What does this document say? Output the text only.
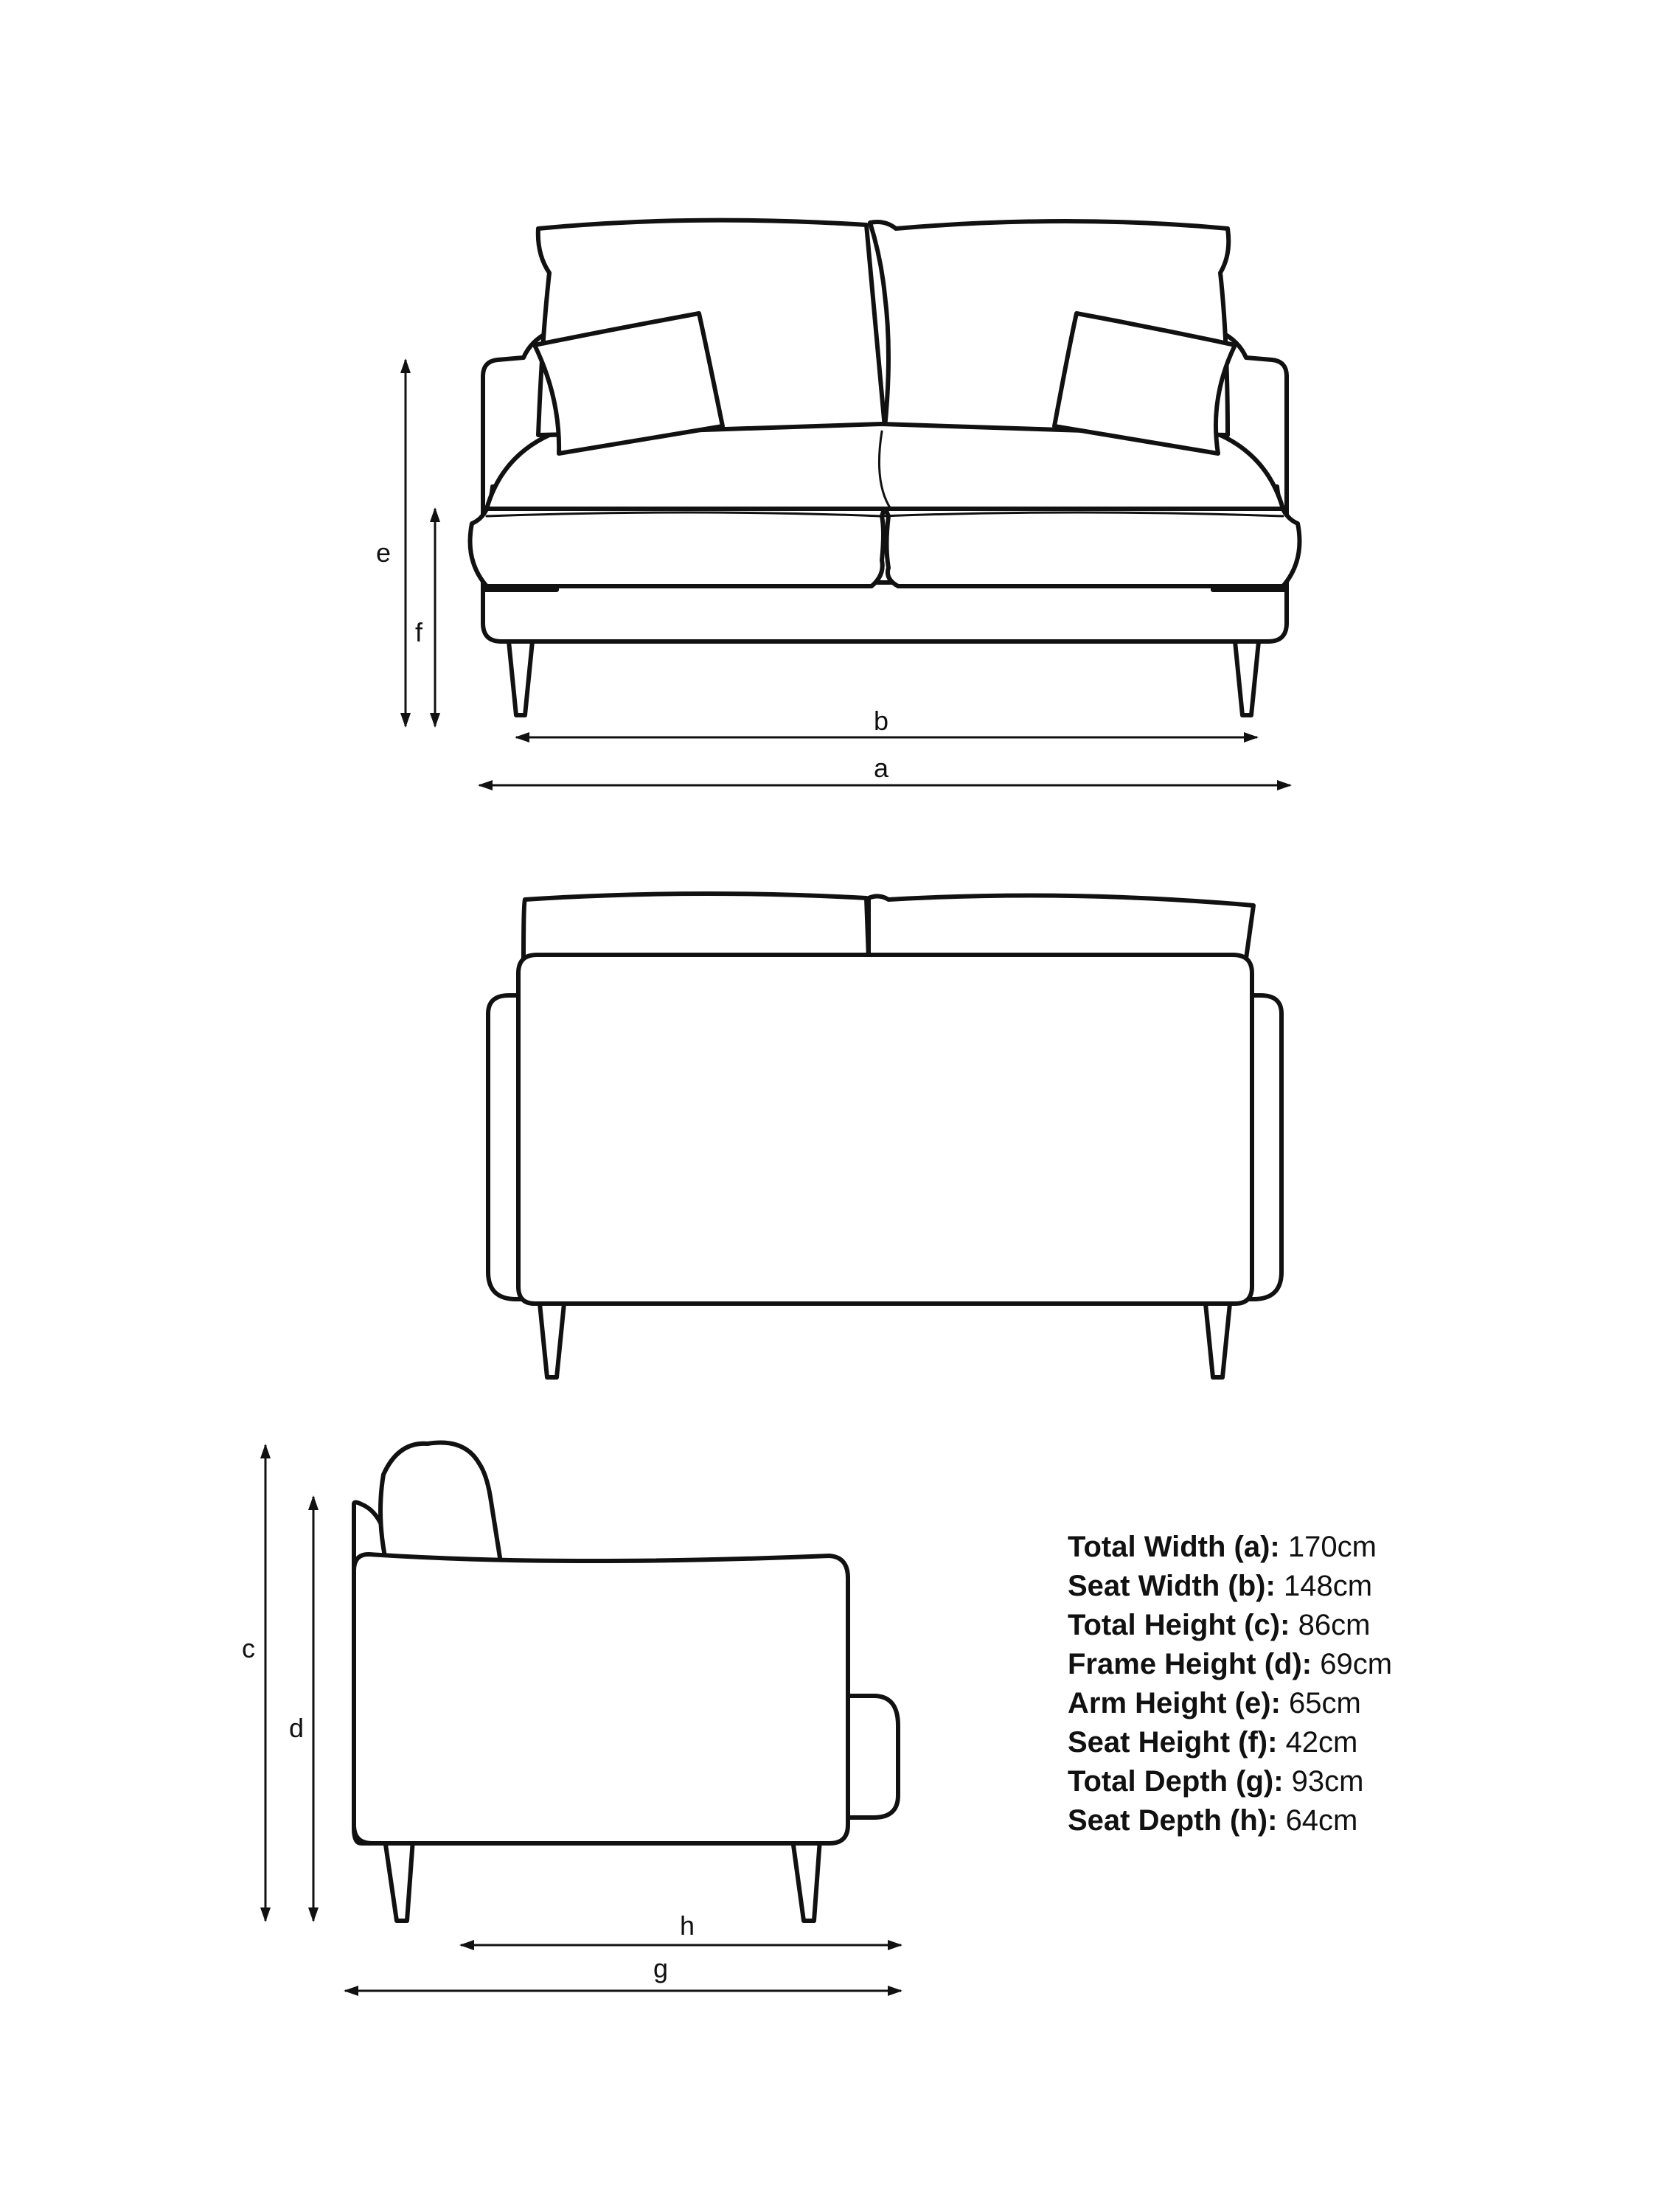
e
f
b
a
c
d
h
g
Total Width (a): 170cm
Seat Width (b): 148cm
Total Height (c): 86cm
Frame Height (d): 69cm
Arm Height (e): 65cm
Seat Height (f): 42cm
Total Depth (g): 93cm
Seat Depth (h): 64cm
